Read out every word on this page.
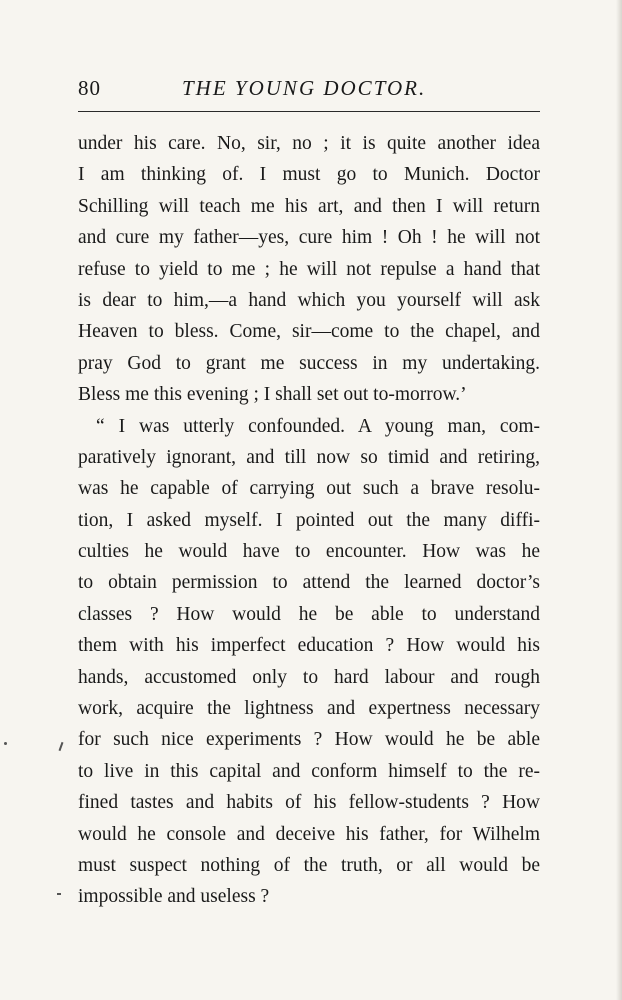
80	THE YOUNG DOCTOR.
under his care. No, sir, no ; it is quite another idea
I am thinking of. I must go to Munich. Doctor
Schilling will teach me his art, and then I will return
and cure my father—yes, cure him ! Oh ! he will not
refuse to yield to me ; he will not repulse a hand that
is dear to him,—a hand which you yourself will ask
Heaven to bless. Come, sir—come to the chapel, and
pray God to grant me success in my undertaking.
Bless me this evening ; I shall set out to-morrow.’
“ I was utterly confounded. A young man, com-
paratively ignorant, and till now so timid and retiring,
was he capable of carrying out such a brave resolu-
tion, I asked myself. I pointed out the many diffi-
culties he would have to encounter. How was he
to obtain permission to attend the learned doctor’s
classes ? How would he be able to understand
them with his imperfect education ? How would his
hands, accustomed only to hard labour and rough
work, acquire the lightness and expertness necessary
for such nice experiments ? How would he be able
to live in this capital and conform himself to the re-
fined tastes and habits of his fellow-students ? How
would he console and deceive his father, for Wilhelm
must suspect nothing of the truth, or all would be
impossible and useless ?
